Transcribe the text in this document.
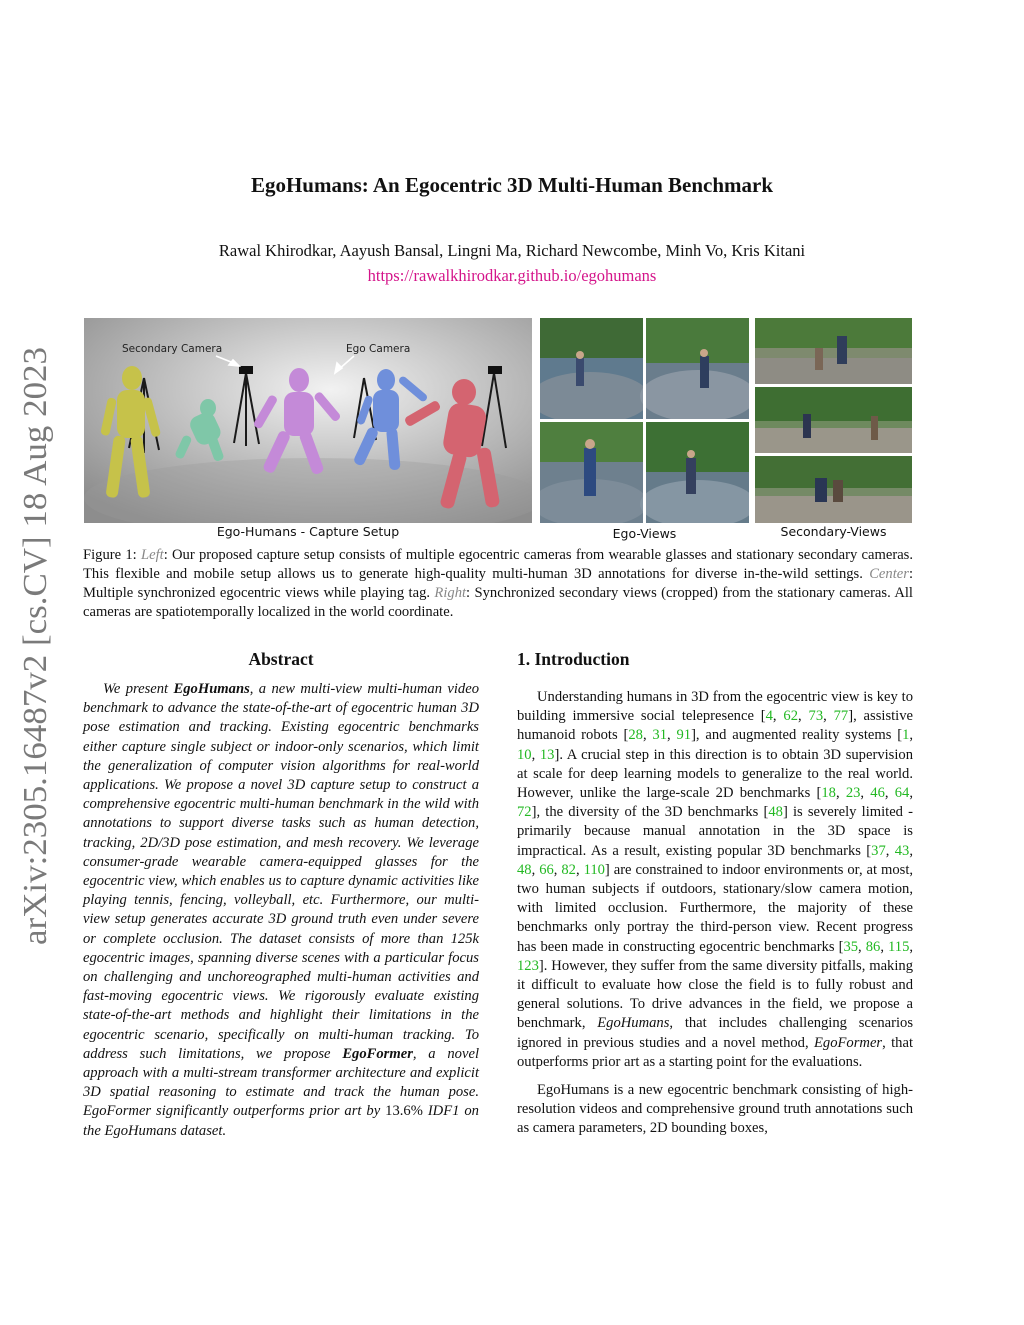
arXiv:2305.16487v2 [cs.CV] 18 Aug 2023
EgoHumans: An Egocentric 3D Multi-Human Benchmark
Rawal Khirodkar, Aayush Bansal, Lingni Ma, Richard Newcombe, Minh Vo, Kris Kitani
https://rawalkhirodkar.github.io/egohumans
Secondary Camera	Ego Camera
Ego-Humans - Capture Setup	Ego-Views	Secondary-Views
Figure 1: Left: Our proposed capture setup consists of multiple egocentric cameras from wearable glasses and stationary secondary cameras. This flexible and mobile setup allows us to generate high-quality multi-human 3D annotations for diverse in-the-wild settings. Center: Multiple synchronized egocentric views while playing tag. Right: Synchronized secondary views (cropped) from the stationary cameras. All cameras are spatiotemporally localized in the world coordinate.
Abstract
We present EgoHumans, a new multi-view multi-human video benchmark to advance the state-of-the-art of egocentric human 3D pose estimation and tracking. Existing egocentric benchmarks either capture single subject or indoor-only scenarios, which limit the generalization of computer vision algorithms for real-world applications. We propose a novel 3D capture setup to construct a comprehensive egocentric multi-human benchmark in the wild with annotations to support diverse tasks such as human detection, tracking, 2D/3D pose estimation, and mesh recovery. We leverage consumer-grade wearable camera-equipped glasses for the egocentric view, which enables us to capture dynamic activities like playing tennis, fencing, volleyball, etc. Furthermore, our multi-view setup generates accurate 3D ground truth even under severe or complete occlusion. The dataset consists of more than 125k egocentric images, spanning diverse scenes with a particular focus on challenging and unchoreographed multi-human activities and fast-moving egocentric views. We rigorously evaluate existing state-of-the-art methods and highlight their limitations in the egocentric scenario, specifically on multi-human tracking. To address such limitations, we propose EgoFormer, a novel approach with a multi-stream transformer architecture and explicit 3D spatial reasoning to estimate and track the human pose. EgoFormer significantly outperforms prior art by 13.6% IDF1 on the EgoHumans dataset.
1. Introduction

Understanding humans in 3D from the egocentric view is key to building immersive social telepresence [4, 62, 73, 77], assistive humanoid robots [28, 31, 91], and augmented reality systems [1, 10, 13]. A crucial step in this direction is to obtain 3D supervision at scale for deep learning models to generalize to the real world. However, unlike the large-scale 2D benchmarks [18, 23, 46, 64, 72], the diversity of the 3D benchmarks [48] is severely limited - primarily because manual annotation in the 3D space is impractical. As a result, existing popular 3D benchmarks [37, 43, 48, 66, 82, 110] are constrained to indoor environments or, at most, two human subjects if outdoors, stationary/slow camera motion, with limited occlusion. Furthermore, the majority of these benchmarks only portray the third-person view. Recent progress has been made in constructing egocentric benchmarks [35, 86, 115, 123]. However, they suffer from the same diversity pitfalls, making it difficult to evaluate how close the field is to fully robust and general solutions. To drive advances in the field, we propose a benchmark, EgoHumans, that includes challenging scenarios ignored in previous studies and a novel method, EgoFormer, that outperforms prior art as a starting point for the evaluations.

EgoHumans is a new egocentric benchmark consisting of high-resolution videos and comprehensive ground truth annotations such as camera parameters, 2D bounding boxes,
